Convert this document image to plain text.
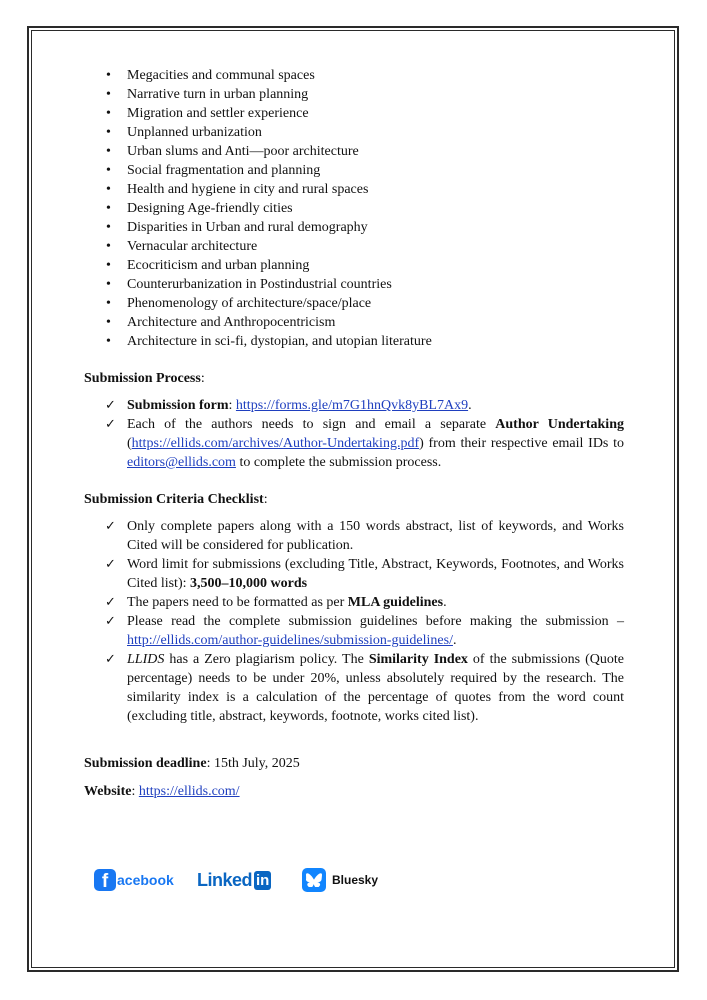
• Megacities and communal spaces
• Narrative turn in urban planning
• Migration and settler experience
• Unplanned urbanization
• Urban slums and Anti—poor architecture
• Social fragmentation and planning
• Health and hygiene in city and rural spaces
• Designing Age-friendly cities
• Disparities in Urban and rural demography
• Vernacular architecture
• Ecocriticism and urban planning
• Counterurbanization in Postindustrial countries
• Phenomenology of architecture/space/place
• Architecture and Anthropocentricism
• Architecture in sci-fi, dystopian, and utopian literature
Submission Process:
✓ Submission form: https://forms.gle/m7G1hnQvk8yBL7Ax9.
✓ Each of the authors needs to sign and email a separate Author Undertaking (https://ellids.com/archives/Author-Undertaking.pdf) from their respective email IDs to editors@ellids.com to complete the submission process.
Submission Criteria Checklist:
✓ Only complete papers along with a 150 words abstract, list of keywords, and Works Cited will be considered for publication.
✓ Word limit for submissions (excluding Title, Abstract, Keywords, Footnotes, and Works Cited list): 3,500–10,000 words
✓ The papers need to be formatted as per MLA guidelines.
✓ Please read the complete submission guidelines before making the submission – http://ellids.com/author-guidelines/submission-guidelines/.
✓ LLIDS has a Zero plagiarism policy. The Similarity Index of the submissions (Quote percentage) needs to be under 20%, unless absolutely required by the research. The similarity index is a calculation of the percentage of quotes from the word count (excluding title, abstract, keywords, footnote, works cited list).
Submission deadline: 15th July, 2025
Website: https://ellids.com/
f acebook Linked in	Bluesky
